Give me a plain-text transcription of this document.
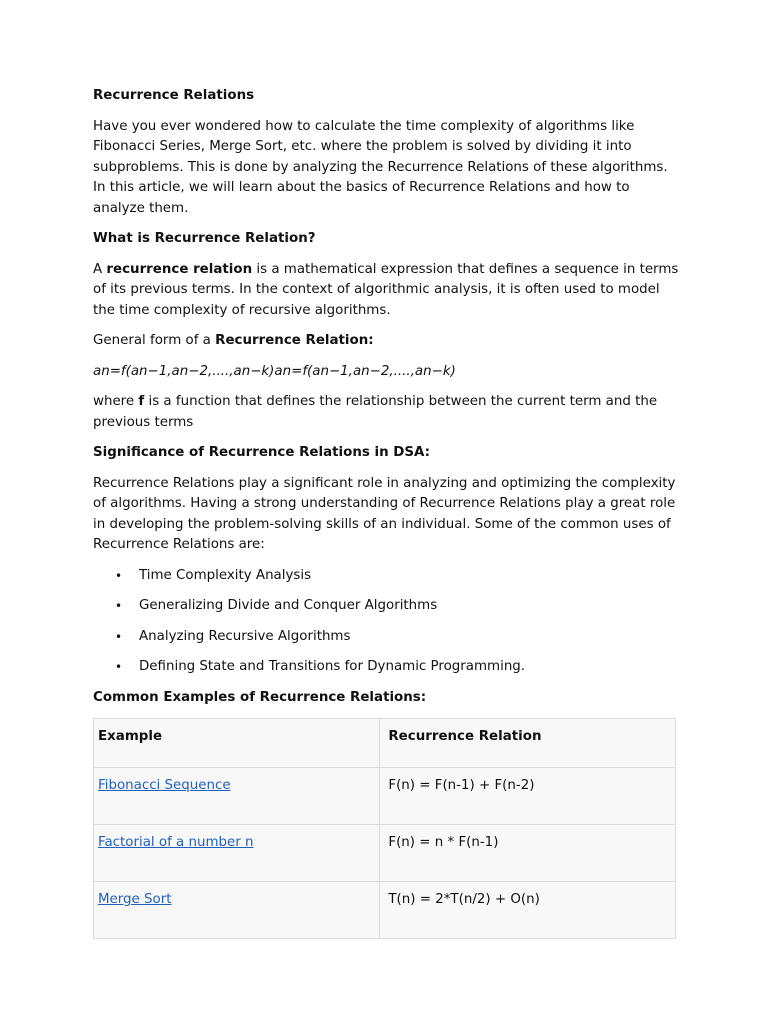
Recurrence Relations

Have you ever wondered how to calculate the time complexity of algorithms like Fibonacci Series, Merge Sort, etc. where the problem is solved by dividing it into subproblems. This is done by analyzing the Recurrence Relations of these algorithms. In this article, we will learn about the basics of Recurrence Relations and how to analyze them.

What is Recurrence Relation?

A recurrence relation is a mathematical expression that defines a sequence in terms of its previous terms. In the context of algorithmic analysis, it is often used to model the time complexity of recursive algorithms.

General form of a Recurrence Relation:

an=f(an−1,an−2,....,an−k)an=f(an−1,an−2,....,an−k)

where f is a function that defines the relationship between the current term and the previous terms

Significance of Recurrence Relations in DSA:

Recurrence Relations play a significant role in analyzing and optimizing the complexity of algorithms. Having a strong understanding of Recurrence Relations play a great role in developing the problem-solving skills of an individual. Some of the common uses of Recurrence Relations are:

• Time Complexity Analysis
• Generalizing Divide and Conquer Algorithms
• Analyzing Recursive Algorithms
• Defining State and Transitions for Dynamic Programming.

Common Examples of Recurrence Relations:

Example	Recurrence Relation
Fibonacci Sequence	F(n) = F(n-1) + F(n-2)
Factorial of a number n	F(n) = n * F(n-1)
Merge Sort	T(n) = 2*T(n/2) + O(n)
